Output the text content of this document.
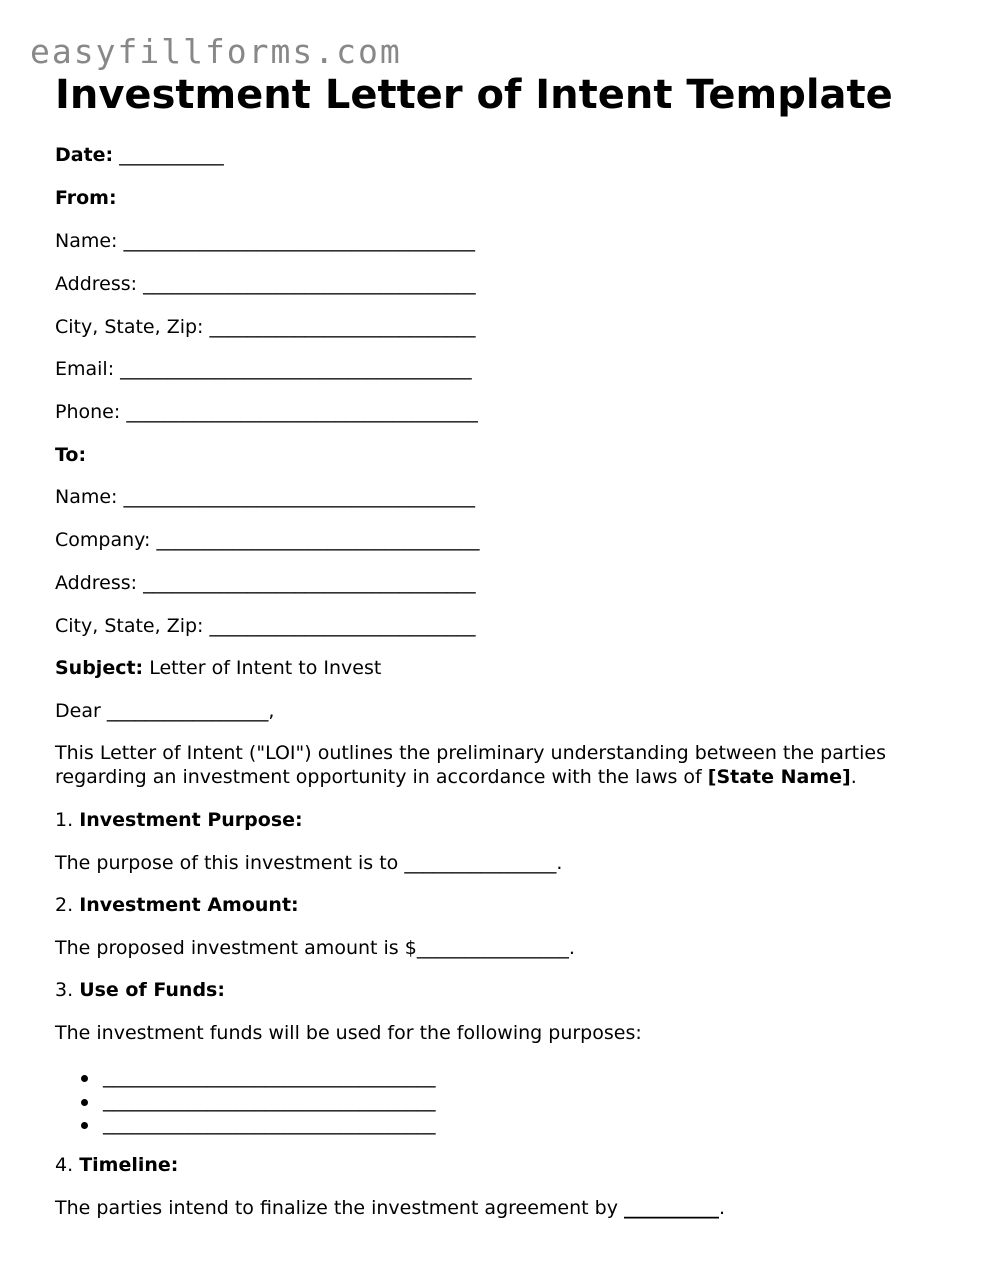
easyfillforms.com
Investment Letter of Intent Template
Date: ___________
From:
Name: _____________________________________
Address: ___________________________________
City, State, Zip: ____________________________
Email: _____________________________________
Phone: _____________________________________
To:
Name: _____________________________________
Company: __________________________________
Address: ___________________________________
City, State, Zip: ____________________________
Subject: Letter of Intent to Invest
Dear _________________,
This Letter of Intent ("LOI") outlines the preliminary understanding between the parties regarding an investment opportunity in accordance with the laws of [State Name].
1. Investment Purpose:
The purpose of this investment is to ________________.
2. Investment Amount:
The proposed investment amount is $________________.
3. Use of Funds:
The investment funds will be used for the following purposes:
___________________________________
___________________________________
___________________________________
4. Timeline:
The parties intend to finalize the investment agreement by __________.
